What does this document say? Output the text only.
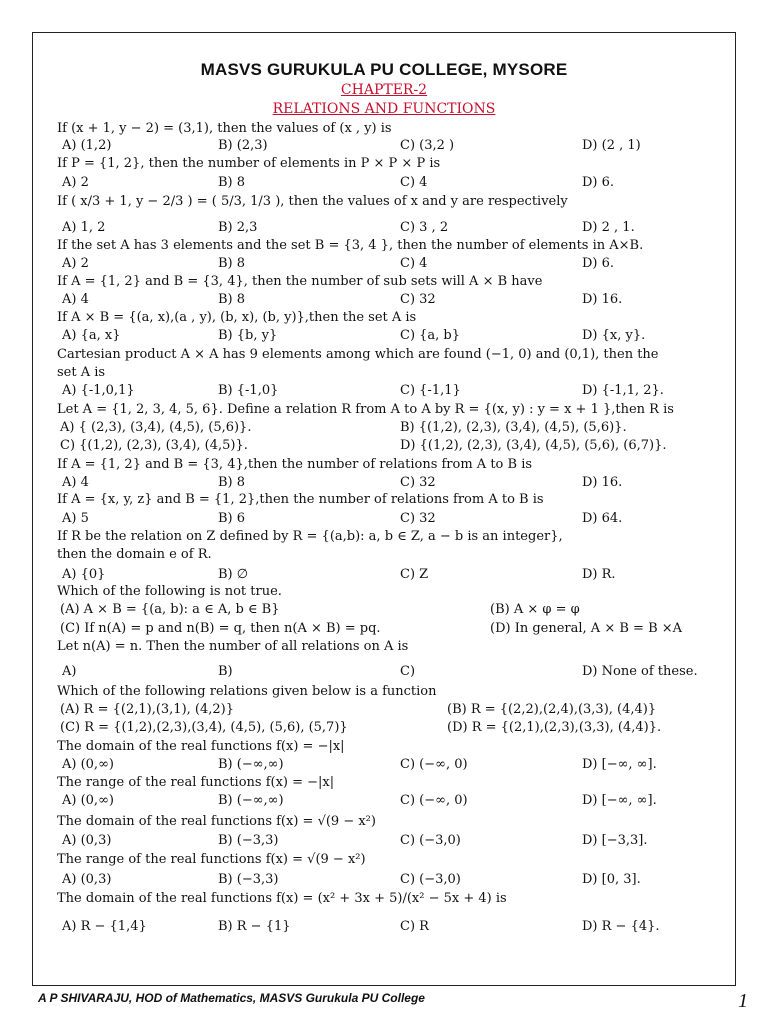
MASVS GURUKULA PU COLLEGE, MYSORE
CHAPTER-2
RELATIONS AND FUNCTIONS
If (x + 1, y − 2) = (3,1), then the values of (x , y) is
A) (1,2)	B) (2,3)	C) (3,2 )	D) (2 , 1)
If P = {1, 2}, then the number of elements in P × P × P is
A) 2	B) 8	C) 4	D) 6.
If ( x/3 + 1, y − 2/3 ) = ( 5/3, 1/3 ), then the values of x and y are respectively
A) 1, 2	B) 2,3	C) 3 , 2	D) 2 , 1.
If the set A has 3 elements and the set B = {3, 4 }, then the number of elements in A×B.
A) 2	B) 8	C) 4	D) 6.
If A = {1, 2} and B = {3, 4}, then the number of sub sets will A × B have
A) 4	B) 8	C) 32	D) 16.
If A × B = {(a, x),(a , y), (b, x), (b, y)},then the set A is
A) {a, x}	B) {b, y}	C) {a, b}	D) {x, y}.
Cartesian product A × A has 9 elements among which are found (−1, 0) and (0,1), then the
set A is
A) {-1,0,1}	B) {-1,0}	C) {-1,1}	D) {-1,1, 2}.
Let A = {1, 2, 3, 4, 5, 6}. Define a relation R from A to A by R = {(x, y) : y = x + 1 },then R is
A) { (2,3), (3,4), (4,5), (5,6)}.	B) {(1,2), (2,3), (3,4), (4,5), (5,6)}.
C) {(1,2), (2,3), (3,4), (4,5)}.	D) {(1,2), (2,3), (3,4), (4,5), (5,6), (6,7)}.
If A = {1, 2} and B = {3, 4},then the number of relations from A to B is
A) 4	B) 8	C) 32	D) 16.
If A = {x, y, z} and B = {1, 2},then the number of relations from A to B is
A) 5	B) 6	C) 32	D) 64.
If R be the relation on Z defined by R = {(a,b): a, b ∈ Z, a − b is an integer},
then the domain e of R.
A) {0}	B) ∅	C) Z	D) R.
Which of the following is not true.
(A) A × B = {(a, b): a ∈ A, b ∈ B}	(B) A × φ = φ
(C) If n(A) = p and n(B) = q, then n(A × B) = pq.	(D) In general, A × B = B ×A
Let n(A) = n. Then the number of all relations on A is
A)	B)	C)	D) None of these.
Which of the following relations given below is a function
(A) R = {(2,1),(3,1), (4,2)}	(B) R = {(2,2),(2,4),(3,3), (4,4)}
(C) R = {(1,2),(2,3),(3,4), (4,5), (5,6), (5,7)}	(D) R = {(2,1),(2,3),(3,3), (4,4)}.
The domain of the real functions f(x) = −|x|
A) (0,∞)	B) (−∞,∞)	C) (−∞, 0)	D) [−∞, ∞].
The range of the real functions f(x) = −|x|
A) (0,∞)	B) (−∞,∞)	C) (−∞, 0)	D) [−∞, ∞].
The domain of the real functions f(x) = √(9 − x²)
A) (0,3)	B) (−3,3)	C) (−3,0)	D) [−3,3].
The range of the real functions f(x) = √(9 − x²)
A) (0,3)	B) (−3,3)	C) (−3,0)	D) [0, 3].
The domain of the real functions f(x) = (x² + 3x + 5)/(x² − 5x + 4) is
A) R − {1,4}	B) R − {1}	C) R	D) R − {4}.
A P SHIVARAJU, HOD of Mathematics, MASVS Gurukula PU College	1
